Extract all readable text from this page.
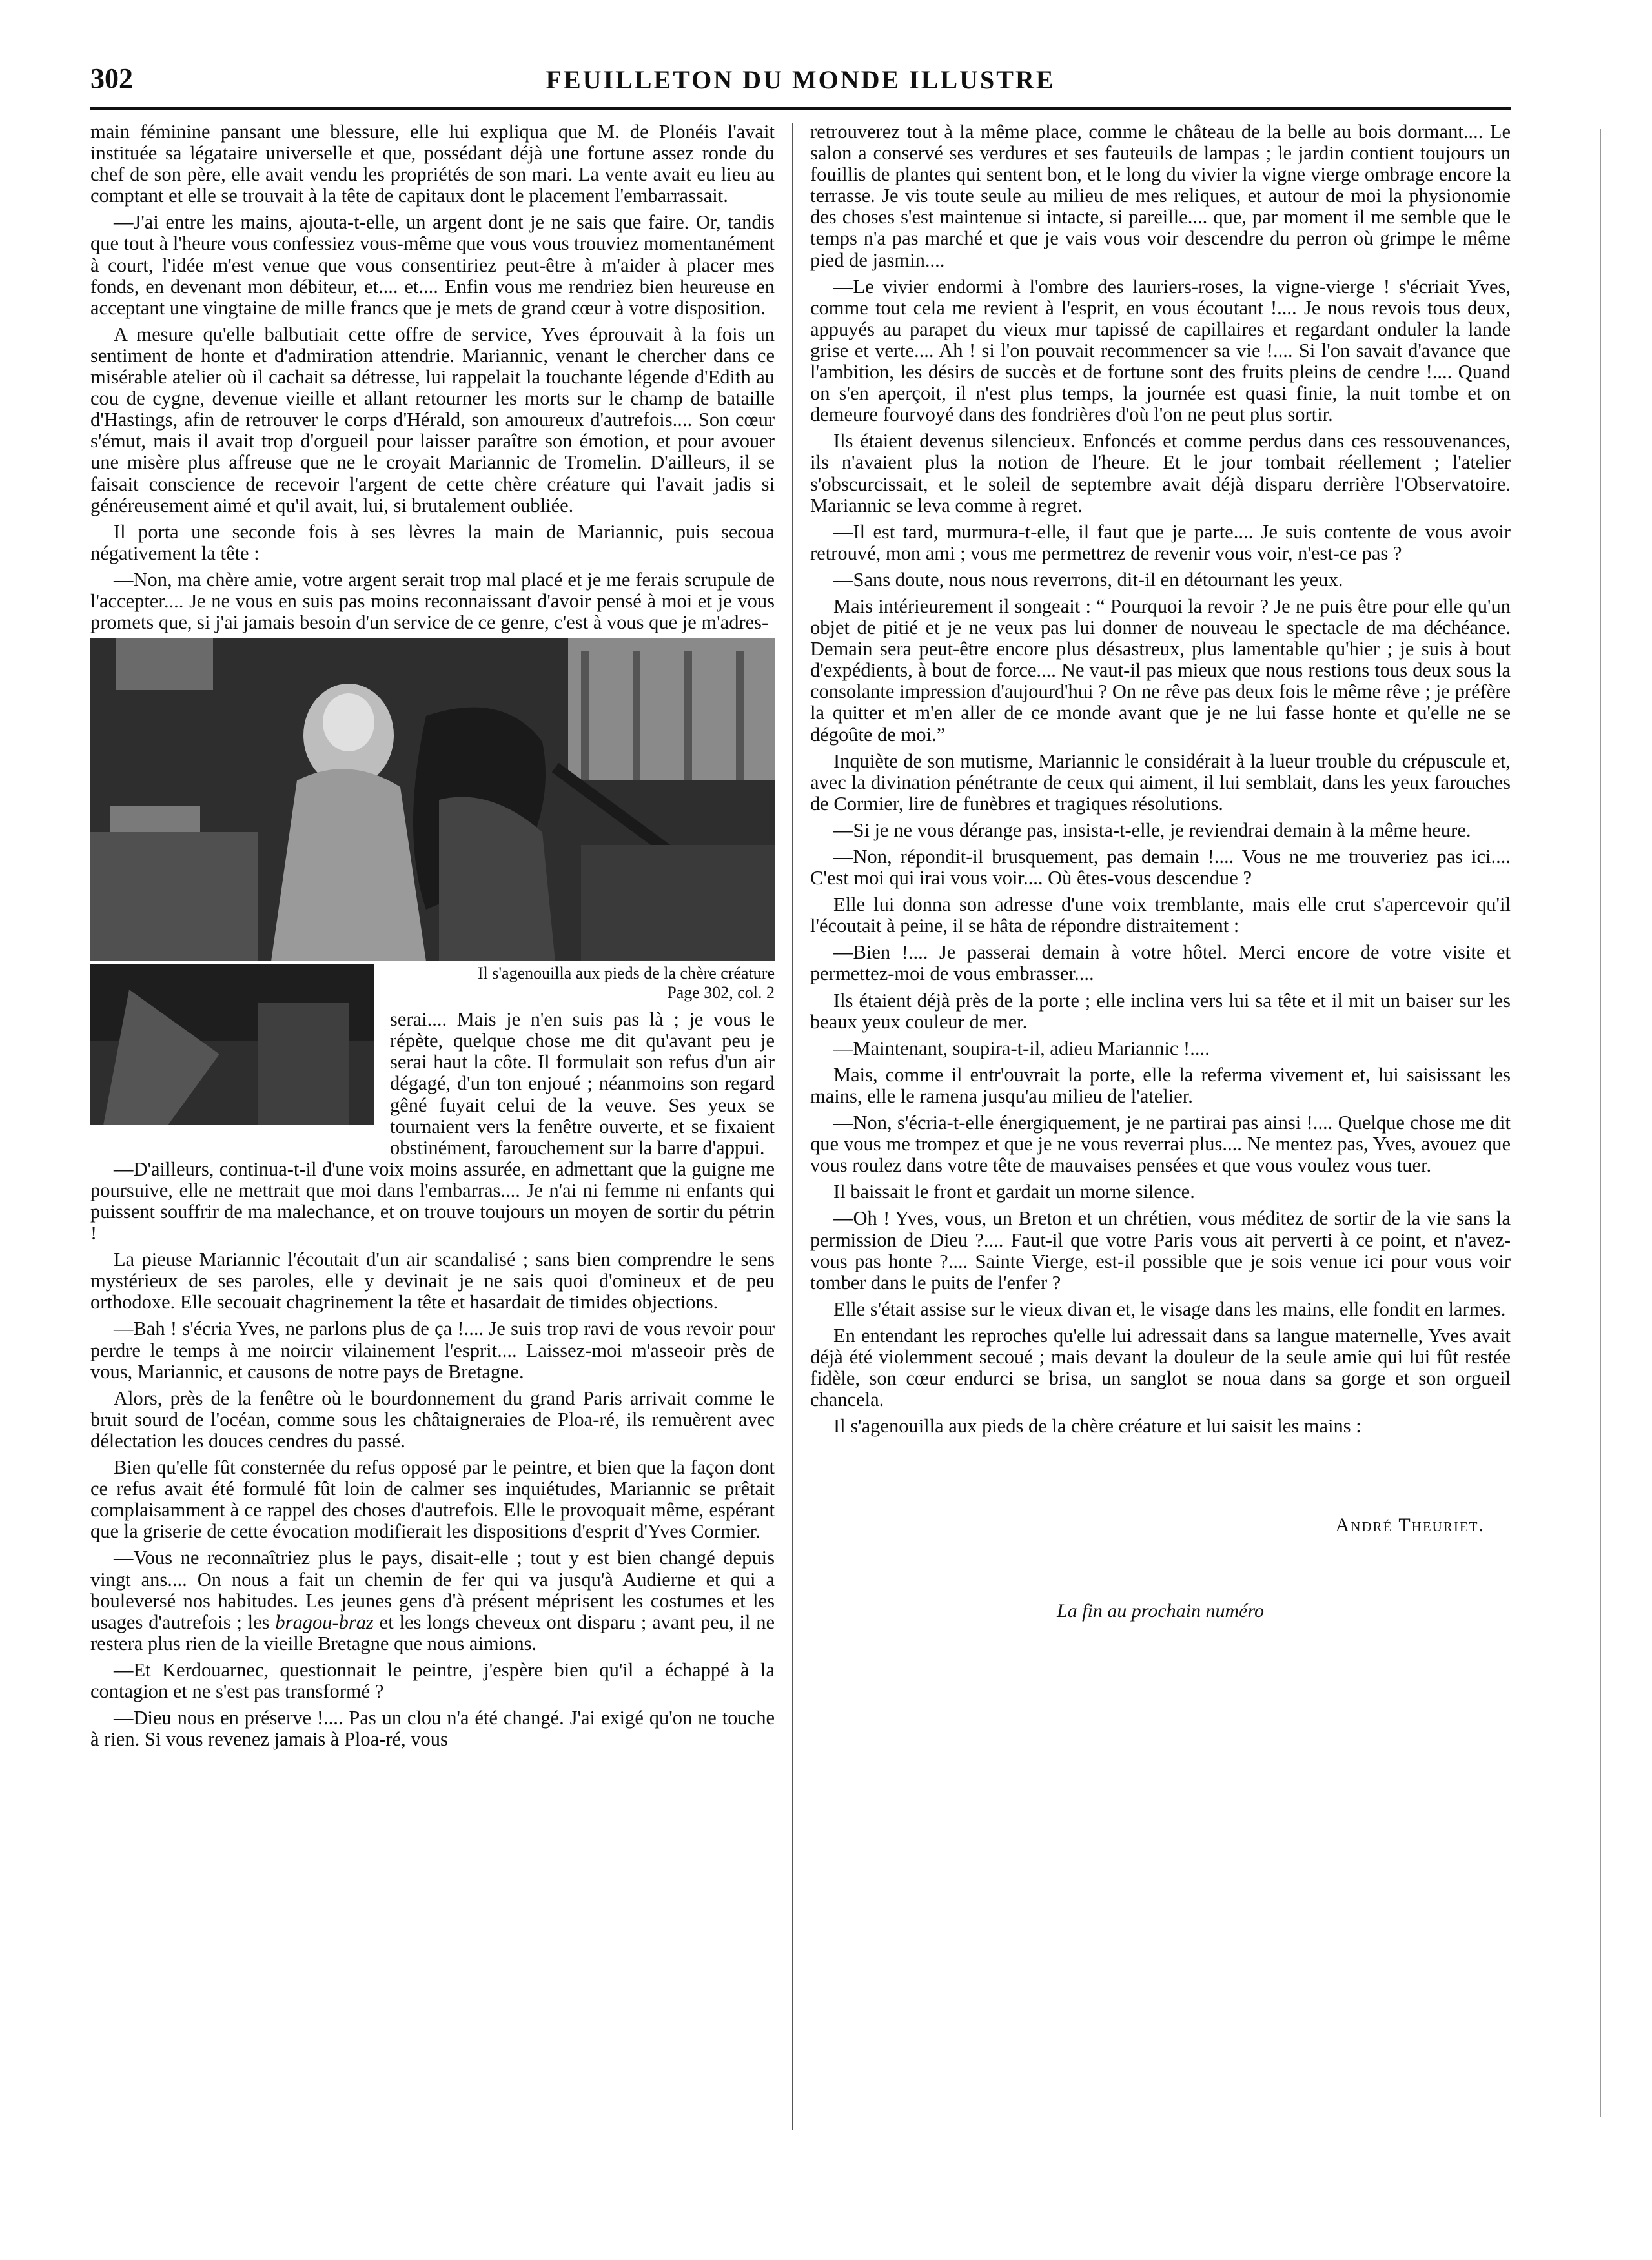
302	FEUILLETON DU MONDE ILLUSTRE

main féminine pansant une blessure, elle lui expliqua que M. de Plonéis l'avait instituée sa légataire universelle et que, possédant déjà une fortune assez ronde du chef de son père, elle avait vendu les propriétés de son mari. La vente avait eu lieu au comptant et elle se trouvait à la tête de capitaux dont le placement l'embarrassait.

—J'ai entre les mains, ajouta-t-elle, un argent dont je ne sais que faire. Or, tandis que tout à l'heure vous confessiez vous-même que vous vous trouviez momentanément à court, l'idée m'est venue que vous consentiriez peut-être à m'aider à placer mes fonds, en devenant mon débiteur, et.... et.... Enfin vous me rendriez bien heureuse en acceptant une vingtaine de mille francs que je mets de grand cœur à votre disposition.

A mesure qu'elle balbutiait cette offre de service, Yves éprouvait à la fois un sentiment de honte et d'admiration attendrie. Mariannic, venant le chercher dans ce misérable atelier où il cachait sa détresse, lui rappelait la touchante légende d'Edith au cou de cygne, devenue vieille et allant retourner les morts sur le champ de bataille d'Hastings, afin de retrouver le corps d'Hérald, son amoureux d'autrefois.... Son cœur s'émut, mais il avait trop d'orgueil pour laisser paraître son émotion, et pour avouer une misère plus affreuse que ne le croyait Mariannic de Tromelin. D'ailleurs, il se faisait conscience de recevoir l'argent de cette chère créature qui l'avait jadis si généreusement aimé et qu'il avait, lui, si brutalement oubliée.

Il porta une seconde fois à ses lèvres la main de Mariannic, puis secoua négativement la tête :

—Non, ma chère amie, votre argent serait trop mal placé et je me ferais scrupule de l'accepter.... Je ne vous en suis pas moins reconnaissant d'avoir pensé à moi et je vous promets que, si j'ai jamais besoin d'un service de ce genre, c'est à vous que je m'adres-

Il s'agenouilla aux pieds de la chère créature
Page 302, col. 2
serai.... Mais je n'en suis pas là ; je vous le répète, quelque chose me dit qu'avant peu je serai haut la côte. Il formulait son refus d'un air dégagé, d'un ton enjoué ; néanmoins son regard gêné fuyait celui de la veuve. Ses yeux se tournaient vers la fenêtre ouverte, et se fixaient obstinément, farouchement sur la barre d'appui.

—D'ailleurs, continua-t-il d'une voix moins assurée, en admettant que la guigne me poursuive, elle ne mettrait que moi dans l'embarras.... Je n'ai ni femme ni enfants qui puissent souffrir de ma malechance, et on trouve toujours un moyen de sortir du pétrin !

La pieuse Mariannic l'écoutait d'un air scandalisé ; sans bien comprendre le sens mystérieux de ses paroles, elle y devinait je ne sais quoi d'omineux et de peu orthodoxe. Elle secouait chagrinement la tête et hasardait de timides objections.

—Bah ! s'écria Yves, ne parlons plus de ça !.... Je suis trop ravi de vous revoir pour perdre le temps à me noircir vilainement l'esprit.... Laissez-moi m'asseoir près de vous, Mariannic, et causons de notre pays de Bretagne.

Alors, près de la fenêtre où le bourdonnement du grand Paris arrivait comme le bruit sourd de l'océan, comme sous les châtaigneraies de Ploa-ré, ils remuèrent avec délectation les douces cendres du passé.

Bien qu'elle fût consternée du refus opposé par le peintre, et bien que la façon dont ce refus avait été formulé fût loin de calmer ses inquiétudes, Mariannic se prêtait complaisamment à ce rappel des choses d'autrefois. Elle le provoquait même, espérant que la griserie de cette évocation modifierait les dispositions d'esprit d'Yves Cormier.

—Vous ne reconnaîtriez plus le pays, disait-elle ; tout y est bien changé depuis vingt ans.... On nous a fait un chemin de fer qui va jusqu'à Audierne et qui a bouleversé nos habitudes. Les jeunes gens d'à présent méprisent les costumes et les usages d'autrefois ; les bragou-braz et les longs cheveux ont disparu ; avant peu, il ne restera plus rien de la vieille Bretagne que nous aimions.

—Et Kerdouarnec, questionnait le peintre, j'espère bien qu'il a échappé à la contagion et ne s'est pas transformé ?

—Dieu nous en préserve !.... Pas un clou n'a été changé. J'ai exigé qu'on ne touche à rien. Si vous revenez jamais à Ploa-ré, vous

retrouverez tout à la même place, comme le château de la belle au bois dormant.... Le salon a conservé ses verdures et ses fauteuils de lampas ; le jardin contient toujours un fouillis de plantes qui sentent bon, et le long du vivier la vigne vierge ombrage encore la terrasse. Je vis toute seule au milieu de mes reliques, et autour de moi la physionomie des choses s'est maintenue si intacte, si pareille.... que, par moment il me semble que le temps n'a pas marché et que je vais vous voir descendre du perron où grimpe le même pied de jasmin....

—Le vivier endormi à l'ombre des lauriers-roses, la vigne-vierge ! s'écriait Yves, comme tout cela me revient à l'esprit, en vous écoutant !.... Je nous revois tous deux, appuyés au parapet du vieux mur tapissé de capillaires et regardant onduler la lande grise et verte.... Ah ! si l'on pouvait recommencer sa vie !.... Si l'on savait d'avance que l'ambition, les désirs de succès et de fortune sont des fruits pleins de cendre !.... Quand on s'en aperçoit, il n'est plus temps, la journée est quasi finie, la nuit tombe et on demeure fourvoyé dans des fondrières d'où l'on ne peut plus sortir.

Ils étaient devenus silencieux. Enfoncés et comme perdus dans ces ressouvenances, ils n'avaient plus la notion de l'heure. Et le jour tombait réellement ; l'atelier s'obscurcissait, et le soleil de septembre avait déjà disparu derrière l'Observatoire. Mariannic se leva comme à regret.

—Il est tard, murmura-t-elle, il faut que je parte.... Je suis contente de vous avoir retrouvé, mon ami ; vous me permettrez de revenir vous voir, n'est-ce pas ?

—Sans doute, nous nous reverrons, dit-il en détournant les yeux.

Mais intérieurement il songeait : “ Pourquoi la revoir ? Je ne puis être pour elle qu'un objet de pitié et je ne veux pas lui donner de nouveau le spectacle de ma déchéance. Demain sera peut-être encore plus désastreux, plus lamentable qu'hier ; je suis à bout d'expédients, à bout de force.... Ne vaut-il pas mieux que nous restions tous deux sous la consolante impression d'aujourd'hui ? On ne rêve pas deux fois le même rêve ; je préfère la quitter et m'en aller de ce monde avant que je ne lui fasse honte et qu'elle ne se dégoûte de moi.”

Inquiète de son mutisme, Mariannic le considérait à la lueur trouble du crépuscule et, avec la divination pénétrante de ceux qui aiment, il lui semblait, dans les yeux farouches de Cormier, lire de funèbres et tragiques résolutions.

—Si je ne vous dérange pas, insista-t-elle, je reviendrai demain à la même heure.

—Non, répondit-il brusquement, pas demain !.... Vous ne me trouveriez pas ici.... C'est moi qui irai vous voir.... Où êtes-vous descendue ?

Elle lui donna son adresse d'une voix tremblante, mais elle crut s'apercevoir qu'il l'écoutait à peine, il se hâta de répondre distraitement :

—Bien !.... Je passerai demain à votre hôtel. Merci encore de votre visite et permettez-moi de vous embrasser....

Ils étaient déjà près de la porte ; elle inclina vers lui sa tête et il mit un baiser sur les beaux yeux couleur de mer.

—Maintenant, soupira-t-il, adieu Mariannic !....

Mais, comme il entr'ouvrait la porte, elle la referma vivement et, lui saisissant les mains, elle le ramena jusqu'au milieu de l'atelier.

—Non, s'écria-t-elle énergiquement, je ne partirai pas ainsi !.... Quelque chose me dit que vous me trompez et que je ne vous reverrai plus.... Ne mentez pas, Yves, avouez que vous roulez dans votre tête de mauvaises pensées et que vous voulez vous tuer.

Il baissait le front et gardait un morne silence.

—Oh ! Yves, vous, un Breton et un chrétien, vous méditez de sortir de la vie sans la permission de Dieu ?.... Faut-il que votre Paris vous ait perverti à ce point, et n'avez-vous pas honte ?.... Sainte Vierge, est-il possible que je sois venue ici pour vous voir tomber dans le puits de l'enfer ?

Elle s'était assise sur le vieux divan et, le visage dans les mains, elle fondit en larmes.

En entendant les reproches qu'elle lui adressait dans sa langue maternelle, Yves avait déjà été violemment secoué ; mais devant la douleur de la seule amie qui lui fût restée fidèle, son cœur endurci se brisa, un sanglot se noua dans sa gorge et son orgueil chancela.

Il s'agenouilla aux pieds de la chère créature et lui saisit les mains :

André Theuriet.
La fin au prochain numéro
